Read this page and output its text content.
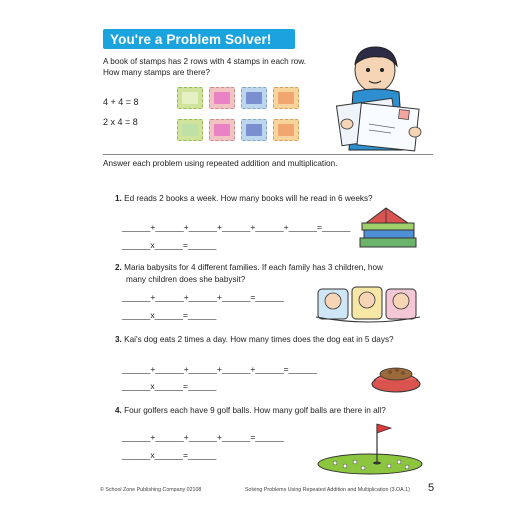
You're a Problem Solver!
A book of stamps has 2 rows with 4 stamps in each row.
How many stamps are there?
4 + 4 = 8
2 x 4 = 8
Answer each problem using repeated addition and multiplication.
1. Ed reads 2 books a week. How many books will he read in 6 weeks?
______+______+______+______+______+______=______
______x______=______
2. Maria babysits for 4 different families. If each family has 3 children, how
many children does she babysit?
______+______+______+______=______
______x______=______
3. Kai's dog eats 2 times a day. How many times does the dog eat in 5 days?
______+______+______+______+______=______
______x______=______
4. Four golfers each have 9 golf balls. How many golf balls are there in all?
______+______+______+______=______
______x______=______
© School Zone Publishing Company 02108	Solving Problems Using Repeated Addition and Multiplication (3.OA.1) 5
